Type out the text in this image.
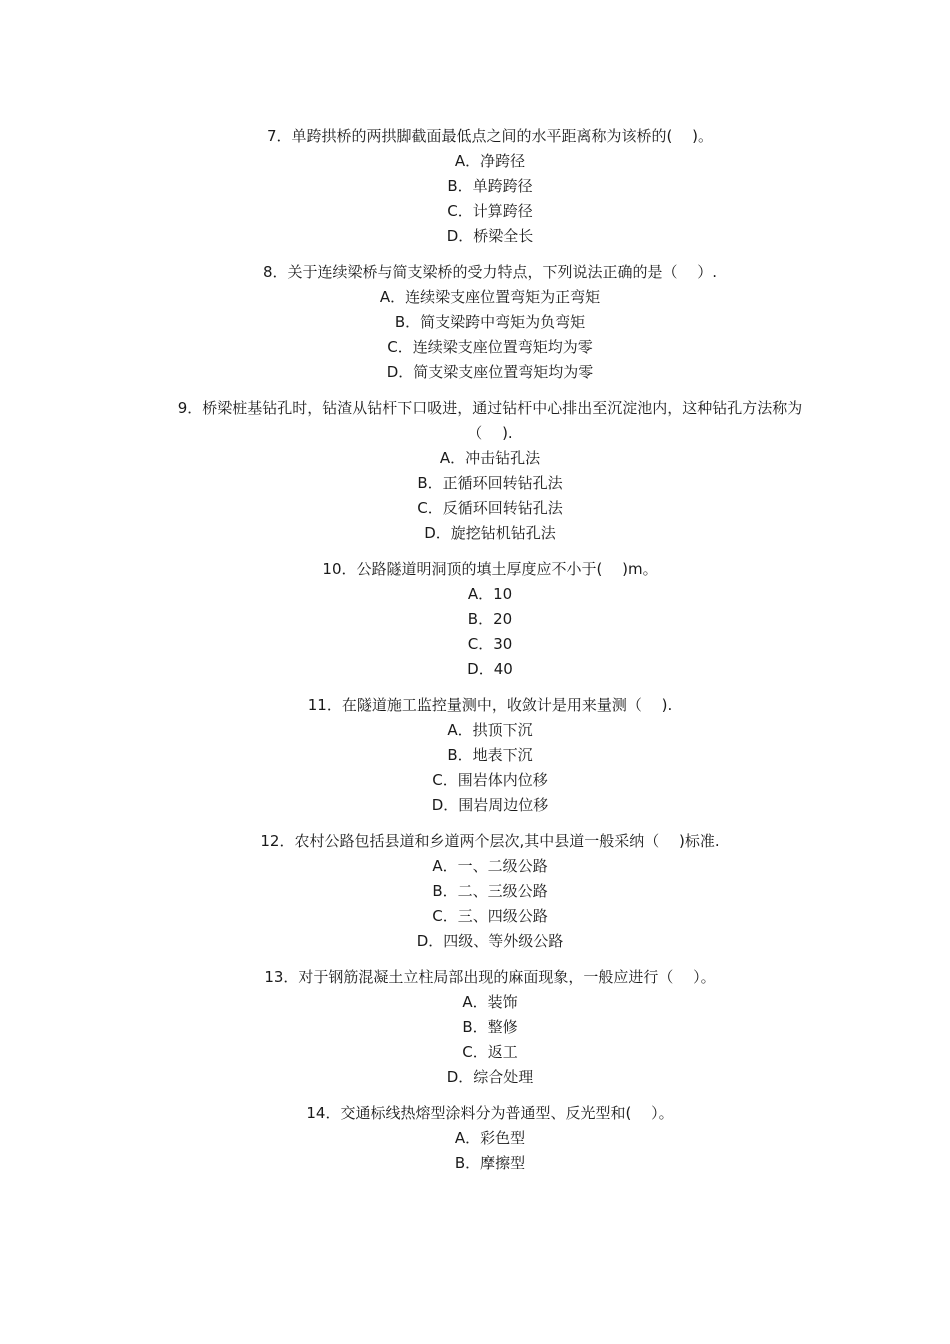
7．单跨拱桥的两拱脚截面最低点之间的水平距离称为该桥的(　 )。
A．净跨径
B．单跨跨径
C．计算跨径
D．桥梁全长
8．关于连续梁桥与简支梁桥的受力特点，下列说法正确的是（　 ）.
A．连续梁支座位置弯矩为正弯矩
B．简支梁跨中弯矩为负弯矩
C．连续梁支座位置弯矩均为零
D．简支梁支座位置弯矩均为零
9．桥梁桩基钻孔时，钻渣从钻杆下口吸进，通过钻杆中心排出至沉淀池内，这种钻孔方法称为（　 ).
A．冲击钻孔法
B．正循环回转钻孔法
C．反循环回转钻孔法
D．旋挖钻机钻孔法
10．公路隧道明洞顶的填土厚度应不小于(　 )m。
A．10
B．20
C．30
D．40
11．在隧道施工监控量测中，收敛计是用来量测（　 ).
A．拱顶下沉
B．地表下沉
C．围岩体内位移
D．围岩周边位移
12．农村公路包括县道和乡道两个层次,其中县道一般采纳（　 )标准.
A．一、二级公路
B．二、三级公路
C．三、四级公路
D．四级、等外级公路
13．对于钢筋混凝土立柱局部出现的麻面现象，一般应进行（　 ）。
A．装饰
B．整修
C．返工
D．综合处理
14．交通标线热熔型涂料分为普通型、反光型和(　 ）。
A．彩色型
B．摩擦型
